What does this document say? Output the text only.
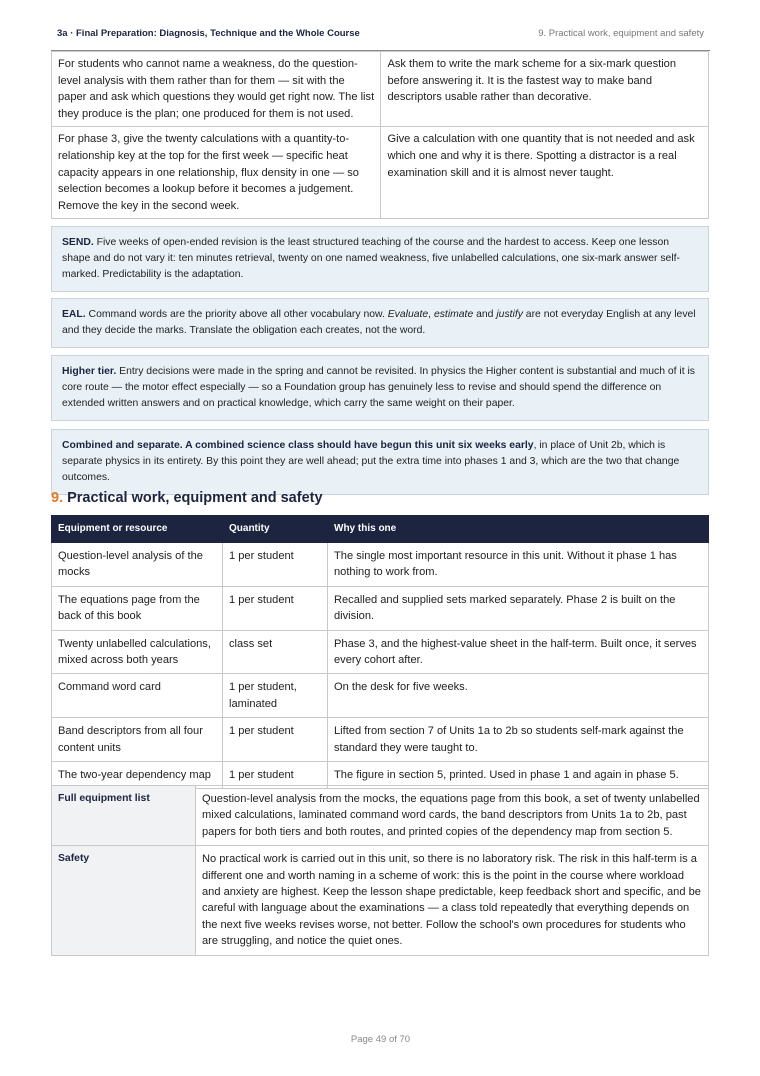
3a · Final Preparation: Diagnosis, Technique and the Whole Course	9. Practical work, equipment and safety
For students who cannot name a weakness, do the question-level analysis with them rather than for them — sit with the paper and ask which questions they would get right now. The list they produce is the plan; one produced for them is not used.	Ask them to write the mark scheme for a six-mark question before answering it. It is the fastest way to make band descriptors usable rather than decorative.
For phase 3, give the twenty calculations with a quantity-to-relationship key at the top for the first week — specific heat capacity appears in one relationship, flux density in one — so selection becomes a lookup before it becomes a judgement. Remove the key in the second week.	Give a calculation with one quantity that is not needed and ask which one and why it is there. Spotting a distractor is a real examination skill and it is almost never taught.
SEND. Five weeks of open-ended revision is the least structured teaching of the course and the hardest to access. Keep one lesson shape and do not vary it: ten minutes retrieval, twenty on one named weakness, five unlabelled calculations, one six-mark answer self-marked. Predictability is the adaptation.
EAL. Command words are the priority above all other vocabulary now. Evaluate, estimate and justify are not everyday English at any level and they decide the marks. Translate the obligation each creates, not the word.
Higher tier. Entry decisions were made in the spring and cannot be revisited. In physics the Higher content is substantial and much of it is core route — the motor effect especially — so a Foundation group has genuinely less to revise and should spend the difference on extended written answers and on practical knowledge, which carry the same weight on their paper.
Combined and separate. A combined science class should have begun this unit six weeks early, in place of Unit 2b, which is separate physics in its entirety. By this point they are well ahead; put the extra time into phases 1 and 3, which are the two that change outcomes.
9. Practical work, equipment and safety
Equipment or resource	Quantity	Why this one
Question-level analysis of the mocks	1 per student	The single most important resource in this unit. Without it phase 1 has nothing to work from.
The equations page from the back of this book	1 per student	Recalled and supplied sets marked separately. Phase 2 is built on the division.
Twenty unlabelled calculations, mixed across both years	class set	Phase 3, and the highest-value sheet in the half-term. Built once, it serves every cohort after.
Command word card	1 per student, laminated	On the desk for five weeks.
Band descriptors from all four content units	1 per student	Lifted from section 7 of Units 1a to 2b so students self-mark against the standard they were taught to.
The two-year dependency map	1 per student	The figure in section 5, printed. Used in phase 1 and again in phase 5.
Full equipment list	Question-level analysis from the mocks, the equations page from this book, a set of twenty unlabelled mixed calculations, laminated command word cards, the band descriptors from Units 1a to 2b, past papers for both tiers and both routes, and printed copies of the dependency map from section 5.
Safety	No practical work is carried out in this unit, so there is no laboratory risk. The risk in this half-term is a different one and worth naming in a scheme of work: this is the point in the course where workload and anxiety are highest. Keep the lesson shape predictable, keep feedback short and specific, and be careful with language about the examinations — a class told repeatedly that everything depends on the next five weeks revises worse, not better. Follow the school's own procedures for students who are struggling, and notice the quiet ones.
Page 49 of 70
